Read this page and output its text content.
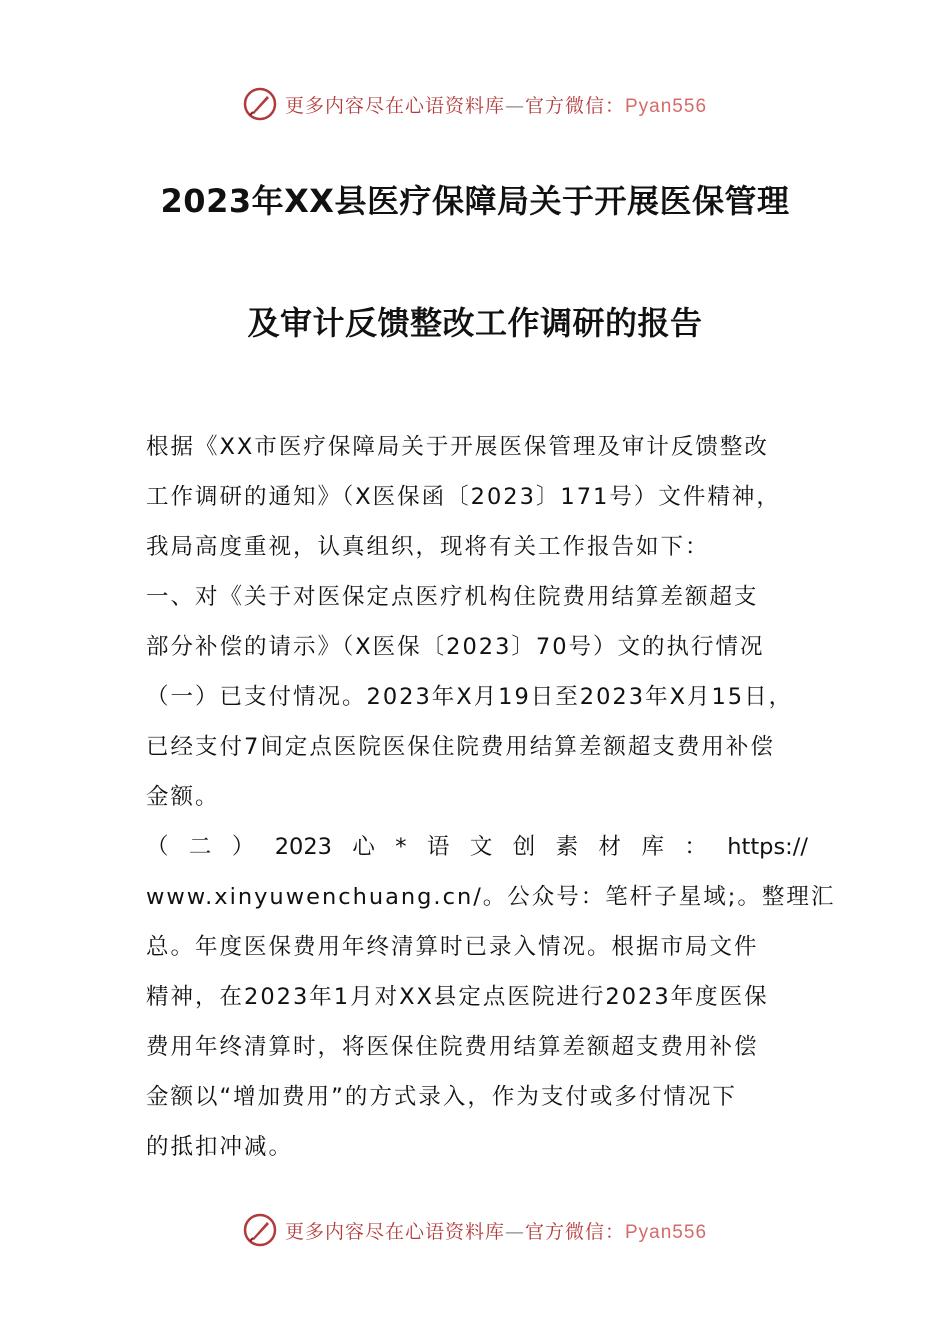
更多内容尽在心语资料库—官方微信：Pyan556
2023年XX县医疗保障局关于开展医保管理
及审计反馈整改工作调研的报告
根据《XX市医疗保障局关于开展医保管理及审计反馈整改
工作调研的通知》（X医保函〔2023〕171号）文件精神，
我局高度重视，认真组织，现将有关工作报告如下：
一、对《关于对医保定点医疗机构住院费用结算差额超支
部分补偿的请示》（X医保〔2023〕70号）文的执行情况
（一）已支付情况。2023年X月19日至2023年X月15日，
已经支付7间定点医院医保住院费用结算差额超支费用补偿
金额。
（ 二 ） 2023 心 * 语 文 创 素 材 库 ： https://
www.xinyuwenchuang.cn/。公众号：笔杆子星域;。整理汇
总。年度医保费用年终清算时已录入情况。根据市局文件
精神，在2023年1月对XX县定点医院进行2023年度医保
费用年终清算时，将医保住院费用结算差额超支费用补偿
金额以“增加费用”的方式录入，作为支付或多付情况下
的抵扣冲减。
更多内容尽在心语资料库—官方微信：Pyan556
